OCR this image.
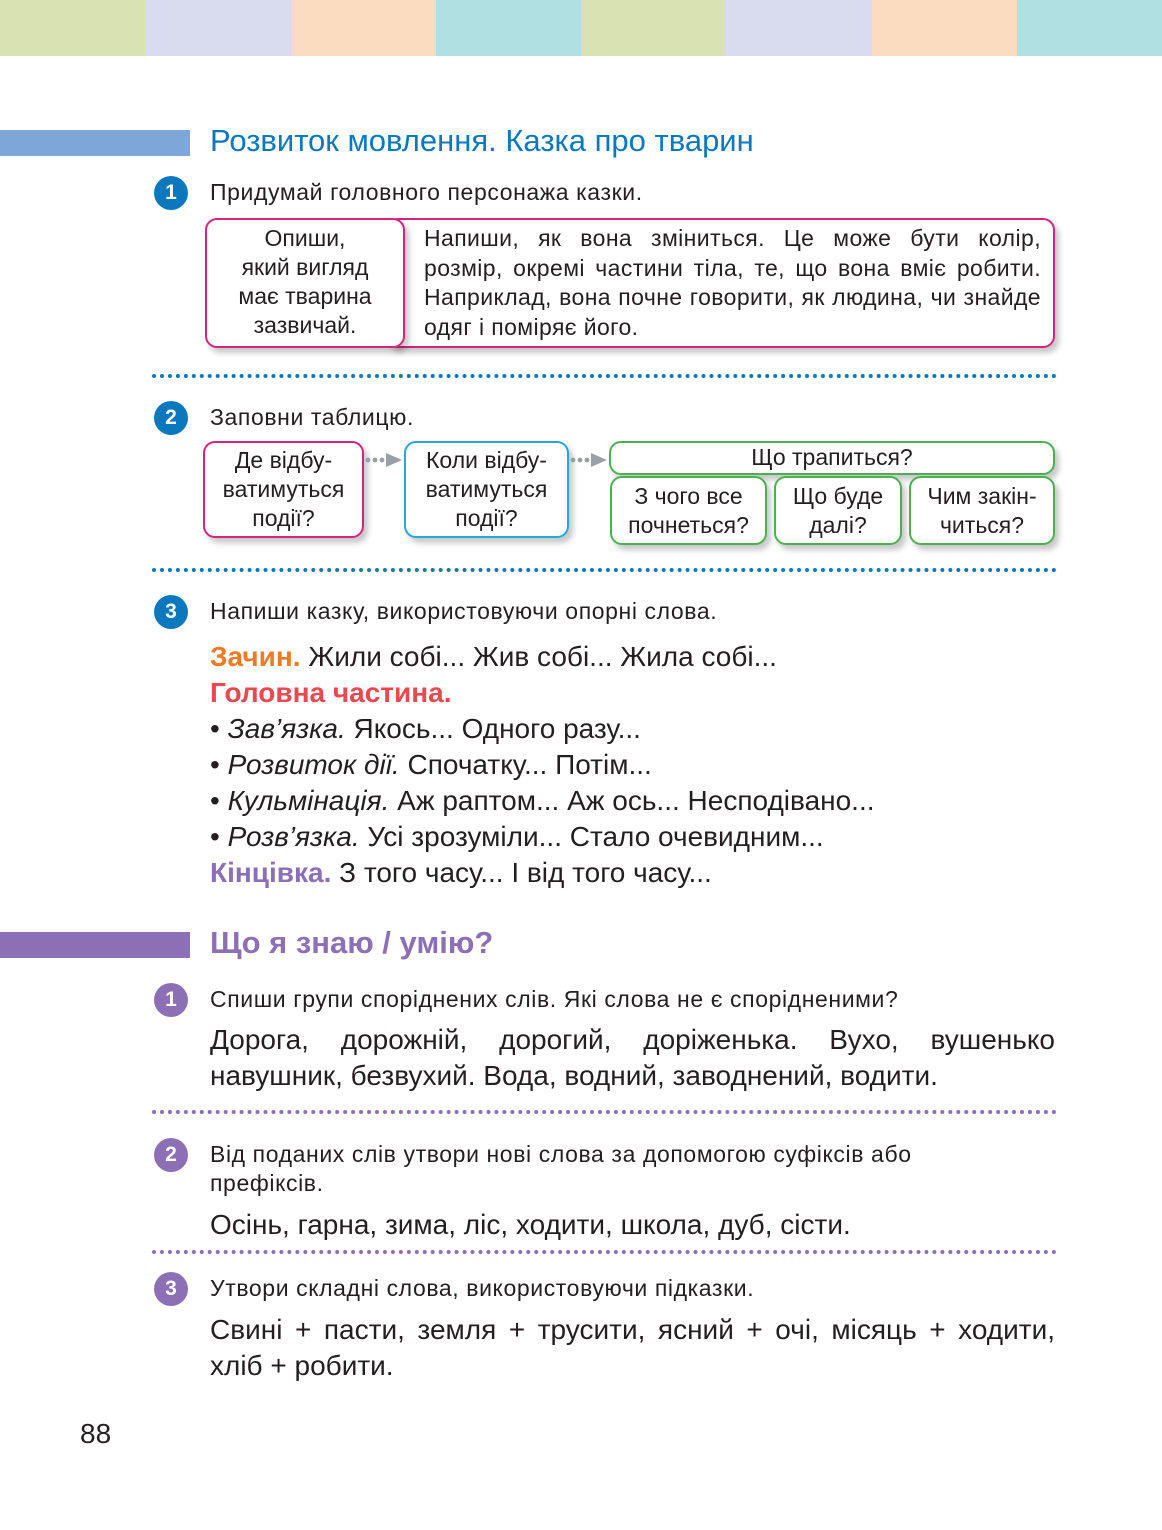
Розвиток мовлення. Казка про тварин
1	Придумай головного персонажа казки.
Напиши, як вона зміниться. Це може бути колір, розмір, окремі частини тіла, те, що вона вміє робити. Наприклад, вона почне говорити, як людина, чи знайде одяг і поміряє його.
Опиши,
який вигляд
має тварина
зазвичай.
2	Заповни таблицю.
Де відбу-
ватимуться
події?
Коли відбу-
ватимуться
події?
Що трапиться?
З чого все
почнеться?
Що буде
далі?
Чим закін-
читься?
3	Напиши казку, використовуючи опорні слова.
Зачин. Жили собі... Жив собі... Жила собі...
Головна частина.
• Зав’язка. Якось... Одного разу...
• Розвиток дії. Спочатку... Потім...
• Кульмінація. Аж раптом... Аж ось... Несподівано...
• Розв’язка. Усі зрозуміли... Стало очевидним...
Кінцівка. З того часу... І від того часу...
Що я знаю / умію?
1	Спиши групи споріднених слів. Які слова не є спорідненими?
Дорога, дорожній, дорогий, доріженька. Вухо, вушенько навушник, безвухий. Вода, водний, заводнений, водити.
2	Від поданих слів утвори нові слова за допомогою суфіксів або
префіксів.
Осінь, гарна, зима, ліс, ходити, школа, дуб, сісти.
3	Утвори складні слова, використовуючи підказки.
Свині + пасти, земля + трусити, ясний + очі, місяць + ходити, хліб + робити.
88
